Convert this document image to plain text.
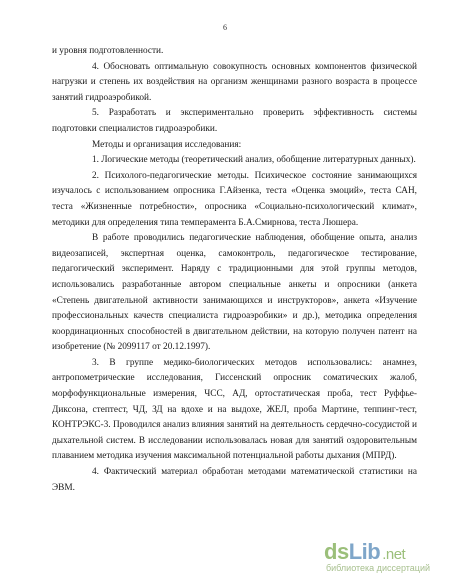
6

и уровня подготовленности.

4. Обосновать оптимальную совокупность основных компонентов физической нагрузки и степень их воздействия на организм женщинами разного возраста в процессе занятий гидроаэробикой.

5. Разработать и экспериментально проверить эффективность системы подготовки специалистов гидроаэробики.

Методы и организация исследования:

1. Логические методы (теоретический анализ, обобщение литературных данных).

2. Психолого-педагогические методы. Психическое состояние занимающихся изучалось с использованием опросника Г.Айзенка, теста «Оценка эмоций», теста САН, теста «Жизненные потребности», опросника «Социально-психологический климат», методики для определения типа темперамента Б.А.Смирнова, теста Люшера.

В работе проводились педагогические наблюдения, обобщение опыта, анализ видеозаписей, экспертная оценка, самоконтроль, педагогическое тестирование, педагогический эксперимент. Наряду с традиционными для этой группы методов, использовались разработанные автором специальные анкеты и опросники (анкета «Степень двигательной активности занимающихся и инструкторов», анкета «Изучение профессиональных качеств специалиста гидроаэробики» и др.), методика определения координационных способностей в двигательном действии, на которую получен патент на изобретение (№ 2099117 от 20.12.1997).

3. В группе медико-биологических методов использовались: анамнез, антропометрические исследования, Гиссенский опросник соматических жалоб, морфофункциональные измерения, ЧСС, АД, ортостатическая проба, тест Руффье-Диксона, стептест, ЧД, ЗД на вдохе и на выдохе, ЖЕЛ, проба Мартине, теппинг-тест, КОНТРЭКС-3. Проводился анализ влияния занятий на деятельность сердечно-сосудистой и дыхательной систем. В исследовании использовалась новая для занятий оздоровительным плаванием методика изучения максимальной потенциальной работы дыхания (МПРД).

4. Фактический материал обработан методами математической статистики на ЭВМ.

dsLib .net
библиотека диссертаций
